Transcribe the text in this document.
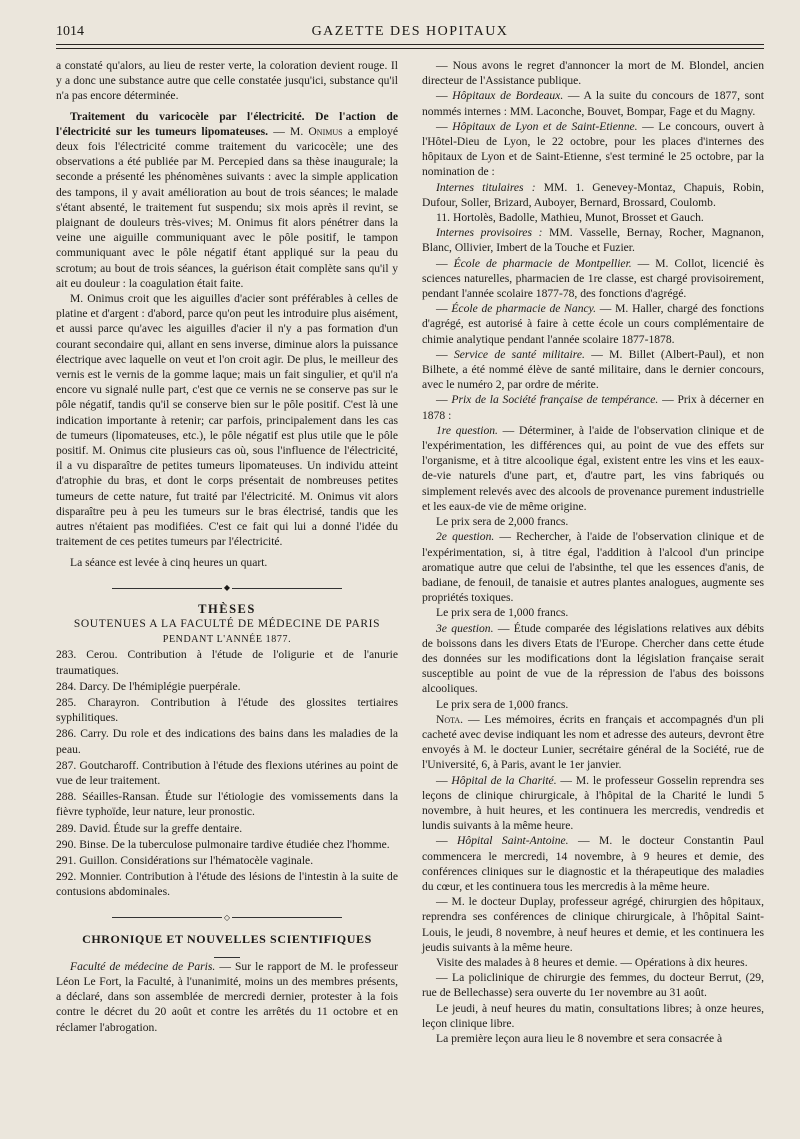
1014	GAZETTE DES HOPITAUX

a constaté qu'alors, au lieu de rester verte, la coloration devient rouge. Il y a donc une substance autre que celle constatée jusqu'ici, substance qu'il n'a pas encore déterminée.

Traitement du varicocèle par l'électricité. De l'action de l'électricité sur les tumeurs lipomateuses. — M. Onimus a employé deux fois l'électricité comme traitement du varicocèle; une des observations a été publiée par M. Percepied dans sa thèse inaugurale; la seconde a présenté les phénomènes suivants : avec la simple application des tampons, il y avait amélioration au bout de trois séances; le malade s'étant absenté, le traitement fut suspendu; six mois après il revint, se plaignant de douleurs très-vives; M. Onimus fit alors pénétrer dans la veine une aiguille communiquant avec le pôle positif, le tampon communiquant avec le pôle négatif étant appliqué sur la peau du scrotum; au bout de trois séances, la guérison était complète sans qu'il y ait eu douleur : la coagulation était faite.

M. Onimus croit que les aiguilles d'acier sont préférables à celles de platine et d'argent : d'abord, parce qu'on peut les introduire plus aisément, et aussi parce qu'avec les aiguilles d'acier il n'y a pas formation d'un courant secondaire qui, allant en sens inverse, diminue alors la puissance électrique avec laquelle on veut et l'on croit agir. De plus, le meilleur des vernis est le vernis de la gomme laque; mais un fait singulier, et qu'il n'a encore vu signalé nulle part, c'est que ce vernis ne se conserve pas sur le pôle négatif, tandis qu'il se conserve bien sur le pôle positif. C'est là une indication importante à retenir; car parfois, principalement dans les cas de tumeurs (lipomateuses, etc.), le pôle négatif est plus utile que le pôle positif. M. Onimus cite plusieurs cas où, sous l'influence de l'électricité, il a vu disparaître de petites tumeurs lipomateuses. Un individu atteint d'atrophie du bras, et dont le corps présentait de nombreuses petites tumeurs de cette nature, fut traité par l'électricité. M. Onimus vit alors disparaître peu à peu les tumeurs sur le bras électrisé, tandis que les autres n'étaient pas modifiées. C'est ce fait qui lui a donné l'idée du traitement de ces petites tumeurs par l'électricité.

La séance est levée à cinq heures un quart.

◆

THÈSES

SOUTENUES A LA FACULTÉ DE MÉDECINE DE PARIS

PENDANT L'ANNÉE 1877.

283. Cerou. Contribution à l'étude de l'oligurie et de l'anurie traumatiques.

284. Darcy. De l'hémiplégie puerpérale.

285. Charayron. Contribution à l'étude des glossites tertiaires syphilitiques.

286. Carry. Du role et des indications des bains dans les maladies de la peau.

287. Goutcharoff. Contribution à l'étude des flexions utérines au point de vue de leur traitement.

288. Séailles-Ransan. Étude sur l'étiologie des vomissements dans la fièvre typhoïde, leur nature, leur pronostic.

289. David. Étude sur la greffe dentaire.

290. Binse. De la tuberculose pulmonaire tardive étudiée chez l'homme.

291. Guillon. Considérations sur l'hématocèle vaginale.

292. Monnier. Contribution à l'étude des lésions de l'intestin à la suite de contusions abdominales.

◇

CHRONIQUE ET NOUVELLES SCIENTIFIQUES

Faculté de médecine de Paris. — Sur le rapport de M. le professeur Léon Le Fort, la Faculté, à l'unanimité, moins un des membres présents, a déclaré, dans son assemblée de mercredi dernier, protester à la fois contre le décret du 20 août et contre les arrêtés du 11 octobre et en réclamer l'abrogation.

— Nous avons le regret d'annoncer la mort de M. Blondel, ancien directeur de l'Assistance publique.

— Hôpitaux de Bordeaux. — A la suite du concours de 1877, sont nommés internes : MM. Laconche, Bouvet, Bompar, Fage et du Magny.

— Hôpitaux de Lyon et de Saint-Etienne. — Le concours, ouvert à l'Hôtel-Dieu de Lyon, le 22 octobre, pour les places d'internes des hôpitaux de Lyon et de Saint-Etienne, s'est terminé le 25 octobre, par la nomination de :

Internes titulaires : MM. 1. Genevey-Montaz, Chapuis, Robin, Dufour, Soller, Brizard, Auboyer, Bernard, Brossard, Coulomb.

11. Hortolès, Badolle, Mathieu, Munot, Brosset et Gauch.

Internes provisoires : MM. Vasselle, Bernay, Rocher, Magnanon, Blanc, Ollivier, Imbert de la Touche et Fuzier.

— École de pharmacie de Montpellier. — M. Collot, licencié ès sciences naturelles, pharmacien de 1re classe, est chargé provisoirement, pendant l'année scolaire 1877-78, des fonctions d'agrégé.

— École de pharmacie de Nancy. — M. Haller, chargé des fonctions d'agrégé, est autorisé à faire à cette école un cours complémentaire de chimie analytique pendant l'année scolaire 1877-1878.

— Service de santé militaire. — M. Billet (Albert-Paul), et non Bilhete, a été nommé élève de santé militaire, dans le dernier concours, avec le numéro 2, par ordre de mérite.

— Prix de la Société française de tempérance. — Prix à décerner en 1878 :

1re question. — Déterminer, à l'aide de l'observation clinique et de l'expérimentation, les différences qui, au point de vue des effets sur l'organisme, et à titre alcoolique égal, existent entre les vins et les eaux-de-vie naturels d'une part, et, d'autre part, les vins fabriqués ou simplement relevés avec des alcools de provenance purement industrielle et les eaux-de vie de même origine.

Le prix sera de 2,000 francs.

2e question. — Rechercher, à l'aide de l'observation clinique et de l'expérimentation, si, à titre égal, l'addition à l'alcool d'un principe aromatique autre que celui de l'absinthe, tel que les essences d'anis, de badiane, de fenouil, de tanaisie et autres plantes analogues, augmente ses propriétés toxiques.

Le prix sera de 1,000 francs.

3e question. — Étude comparée des législations relatives aux débits de boissons dans les divers Etats de l'Europe. Chercher dans cette étude des données sur les modifications dont la législation française serait susceptible au point de vue de la répression de l'abus des boissons alcooliques.

Le prix sera de 1,000 francs.

Nota. — Les mémoires, écrits en français et accompagnés d'un pli cacheté avec devise indiquant les nom et adresse des auteurs, devront être envoyés à M. le docteur Lunier, secrétaire général de la Société, rue de l'Université, 6, à Paris, avant le 1er janvier.

— Hôpital de la Charité. — M. le professeur Gosselin reprendra ses leçons de clinique chirurgicale, à l'hôpital de la Charité le lundi 5 novembre, à huit heures, et les continuera les mercredis, vendredis et lundis suivants à la même heure.

— Hôpital Saint-Antoine. — M. le docteur Constantin Paul commencera le mercredi, 14 novembre, à 9 heures et demie, des conférences cliniques sur le diagnostic et la thérapeutique des maladies du cœur, et les continuera tous les mercredis à la même heure.

— M. le docteur Duplay, professeur agrégé, chirurgien des hôpitaux, reprendra ses conférences de clinique chirurgicale, à l'hôpital Saint-Louis, le jeudi, 8 novembre, à neuf heures et demie, et les continuera les jeudis suivants à la même heure.

Visite des malades à 8 heures et demie. — Opérations à dix heures.

— La policlinique de chirurgie des femmes, du docteur Berrut, (29, rue de Bellechasse) sera ouverte du 1er novembre au 31 août.

Le jeudi, à neuf heures du matin, consultations libres; à onze heures, leçon clinique libre.

La première leçon aura lieu le 8 novembre et sera consacrée à
